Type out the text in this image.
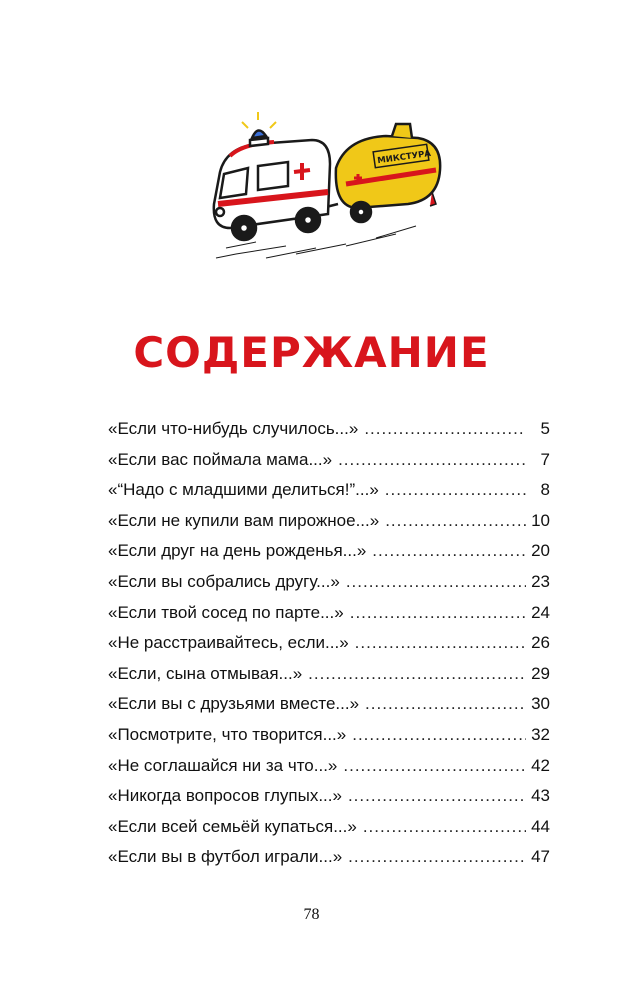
МИКСТУРА
СОДЕРЖАНИЕ
«Если что-нибудь случилось...» .....	5
«Если вас поймала мама...» .....	7
«“Надо с младшими делиться!”...» .....	8
«Если не купили вам пирожное...» .....	10
«Если друг на день рожденья...» .....	20
«Если вы собрались другу...» .....	23
«Если твой сосед по парте...» .....	24
«Не расстраивайтесь, если...» .....	26
«Если, сына отмывая...» .....	29
«Если вы с друзьями вместе...» .....	30
«Посмотрите, что творится...» .....	32
«Не соглашайся ни за что...» .....	42
«Никогда вопросов глупых...» .....	43
«Если всей семьёй купаться...» .....	44
«Если вы в футбол играли...» .....	47
78
